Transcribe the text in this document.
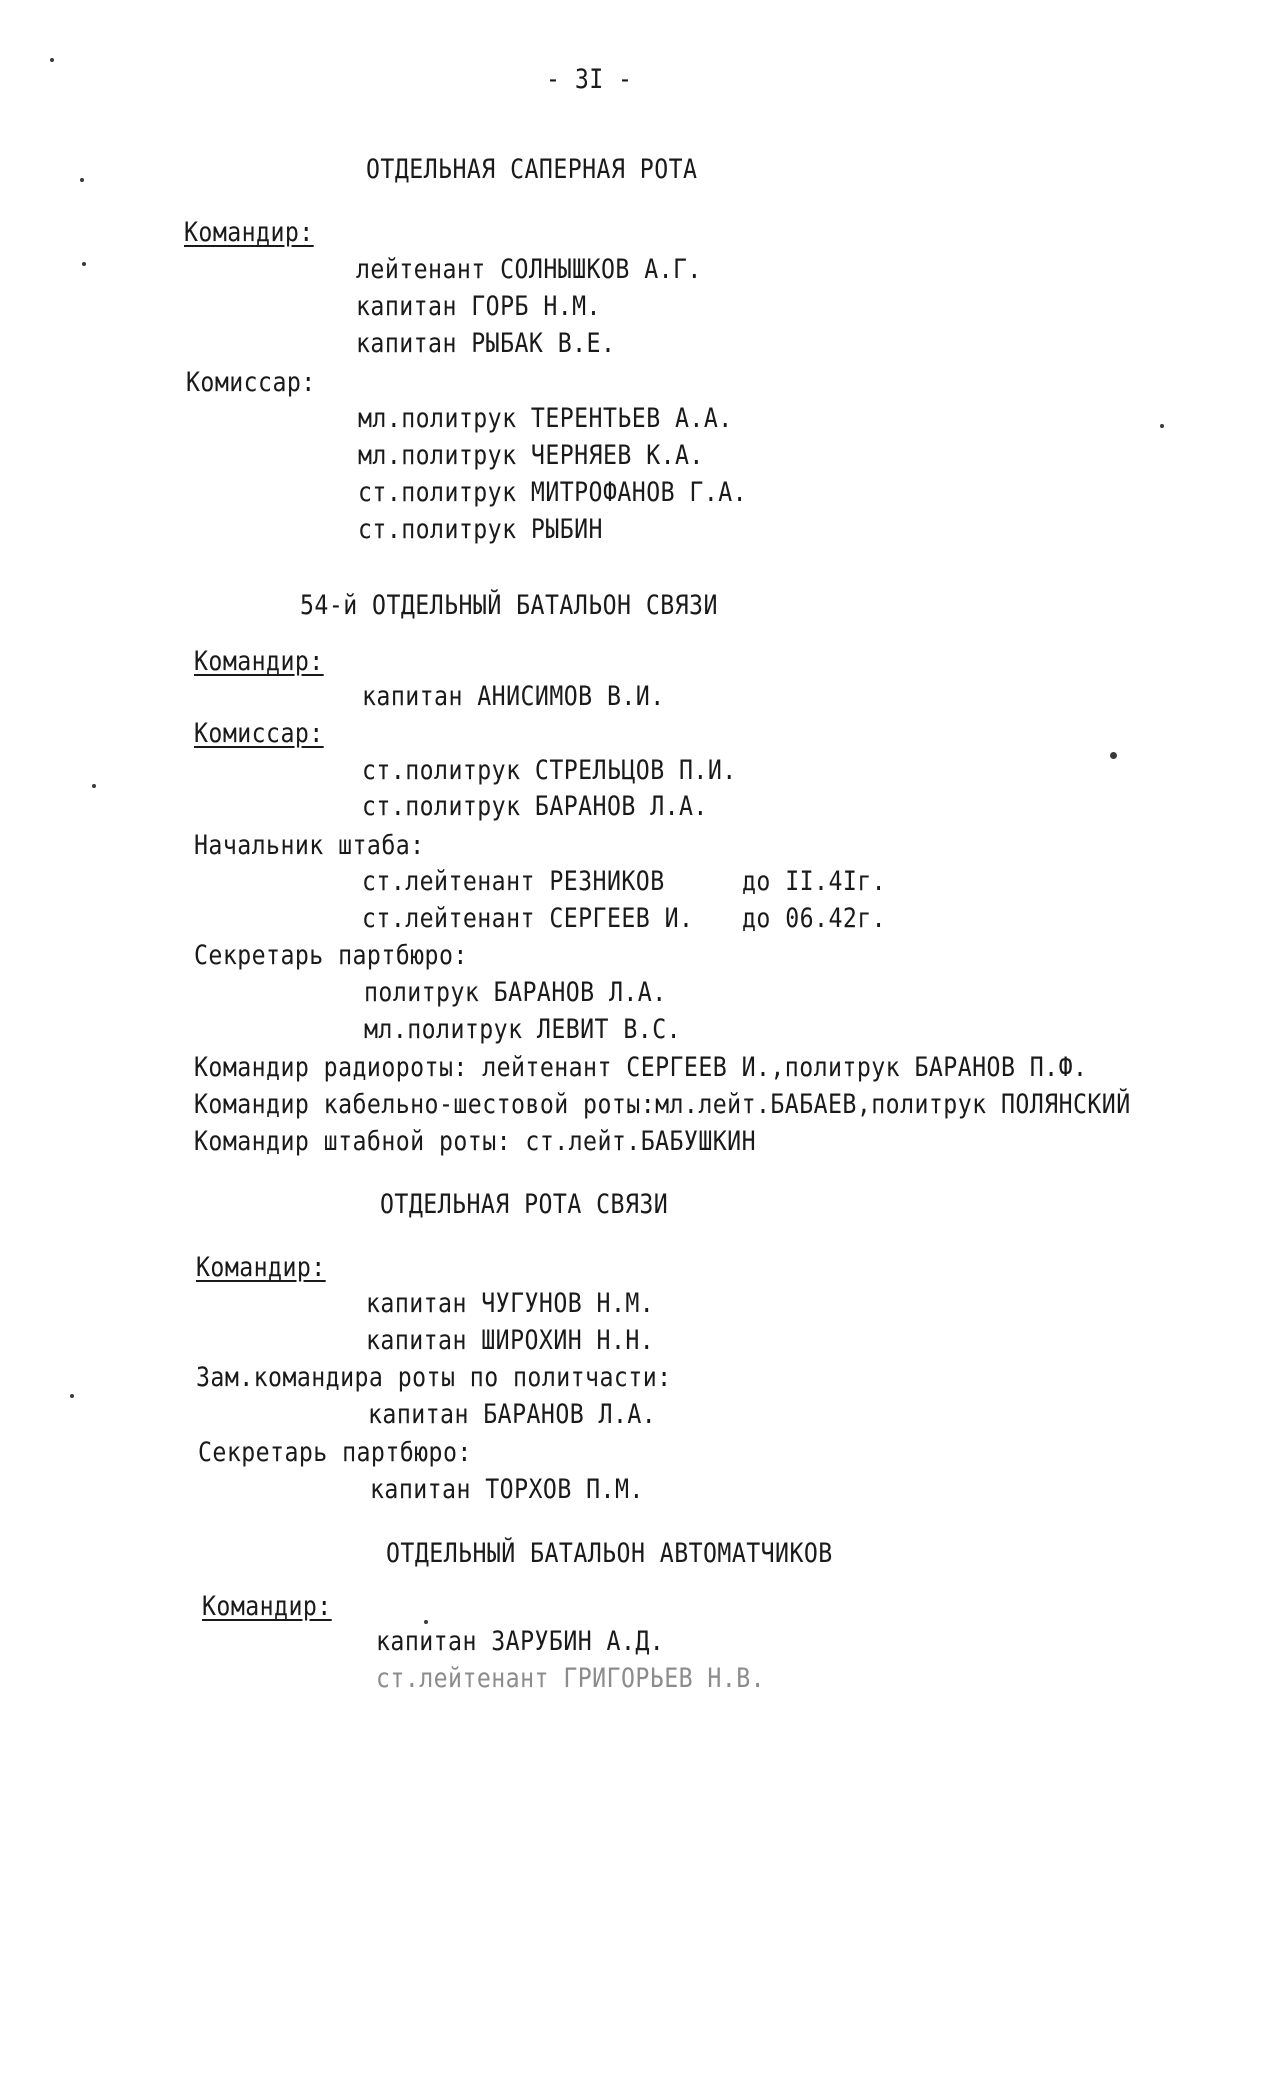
- 3I -
ОТДЕЛЬНАЯ САПЕРНАЯ РОТА
Командир:
лейтенант СОЛНЫШКОВ А.Г.
капитан ГОРБ Н.М.
капитан РЫБАК В.Е.
Комиссар:
мл.политрук ТЕРЕНТЬЕВ А.А.
мл.политрук ЧЕРНЯЕВ К.А.
ст.политрук МИТРОФАНОВ Г.А.
ст.политрук РЫБИН
54-й ОТДЕЛЬНЫЙ БАТАЛЬОН СВЯЗИ
Командир:
капитан АНИСИМОВ В.И.
Комиссар:
ст.политрук СТРЕЛЬЦОВ П.И.
ст.политрук БАРАНОВ Л.А.
Начальник штаба:
ст.лейтенант РЕЗНИКОВ	до II.4Iг.
ст.лейтенант СЕРГЕЕВ И. до 06.42г.
Секретарь партбюро:
политрук БАРАНОВ Л.А.
мл.политрук ЛЕВИТ В.С.
Командир радиороты: лейтенант СЕРГЕЕВ И.,политрук БАРАНОВ П.Ф.
Командир кабельно-шестовой роты:мл.лейт.БАБАЕВ,политрук ПОЛЯНСКИЙ
Командир штабной роты: ст.лейт.БАБУШКИН
ОТДЕЛЬНАЯ РОТА СВЯЗИ
Командир:
капитан ЧУГУНОВ Н.М.
капитан ШИРОХИН Н.Н.
Зам.командира роты по политчасти:
капитан БАРАНОВ Л.А.
Секретарь партбюро:
капитан ТОРХОВ П.М.
ОТДЕЛЬНЫЙ БАТАЛЬОН АВТОМАТЧИКОВ
Командир:
капитан ЗАРУБИН А.Д.
ст.лейтенант ГРИГОРЬЕВ Н.В.
